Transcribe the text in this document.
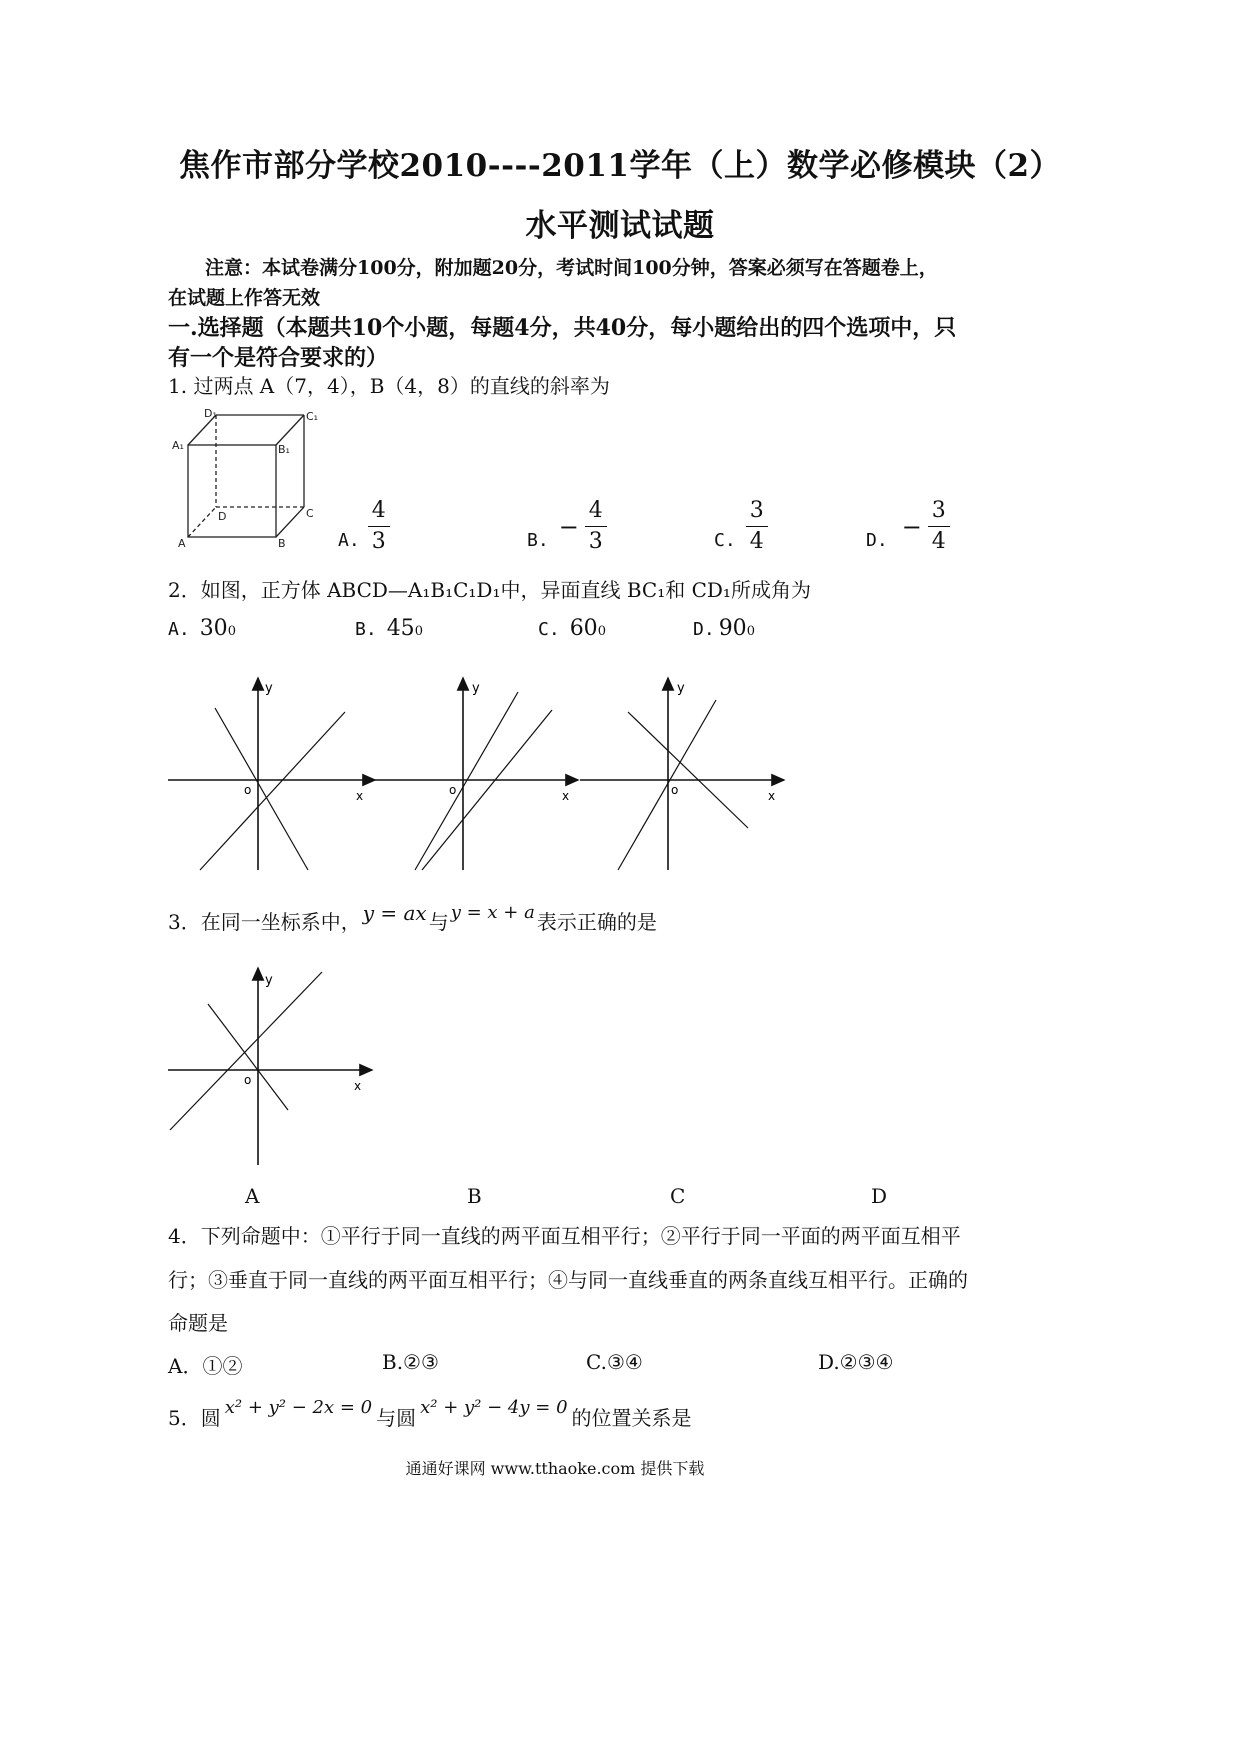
焦作市部分学校2010----2011学年（上）数学必修模块（2）
水平测试试题
注意：本试卷满分100分，附加题20分，考试时间100分钟，答案必须写在答题卷上，
在试题上作答无效
一.选择题（本题共10个小题，每题4分，共40分，每小题给出的四个选项中，只
有一个是符合要求的）
1. 过两点 A（7，4），B（4，8）的直线的斜率为
D₁	C₁
A₁	B₁
D	C
A	B	A. $\frac{4}{3}$	B. − $\frac{4}{3}$	C. $\frac{3}{4}$	D. − $\frac{3}{4}$
2．如图，正方体 ABCD—A₁B₁C₁D₁中，异面直线 BC₁和 CD₁所成角为
A. 30 0	B. 45 0	C. 60 0	D. 90 0
y
x
o
y
x
o
y
x
o
3．在同一坐标系中， y = ax 与 y = x + a 表示正确的是
y
x
o
A	B	C	D
4．下列命题中：①平行于同一直线的两平面互相平行；②平行于同一平面的两平面互相平
行；③垂直于同一直线的两平面互相平行；④与同一直线垂直的两条直线互相平行。正确的
命题是
A．①②	B.②③	C.③④	D.②③④
5．圆 x² + y² − 2x = 0 与圆 x² + y² − 4y = 0 的位置关系是
通通好课网 www.tthaoke.com 提供下载
